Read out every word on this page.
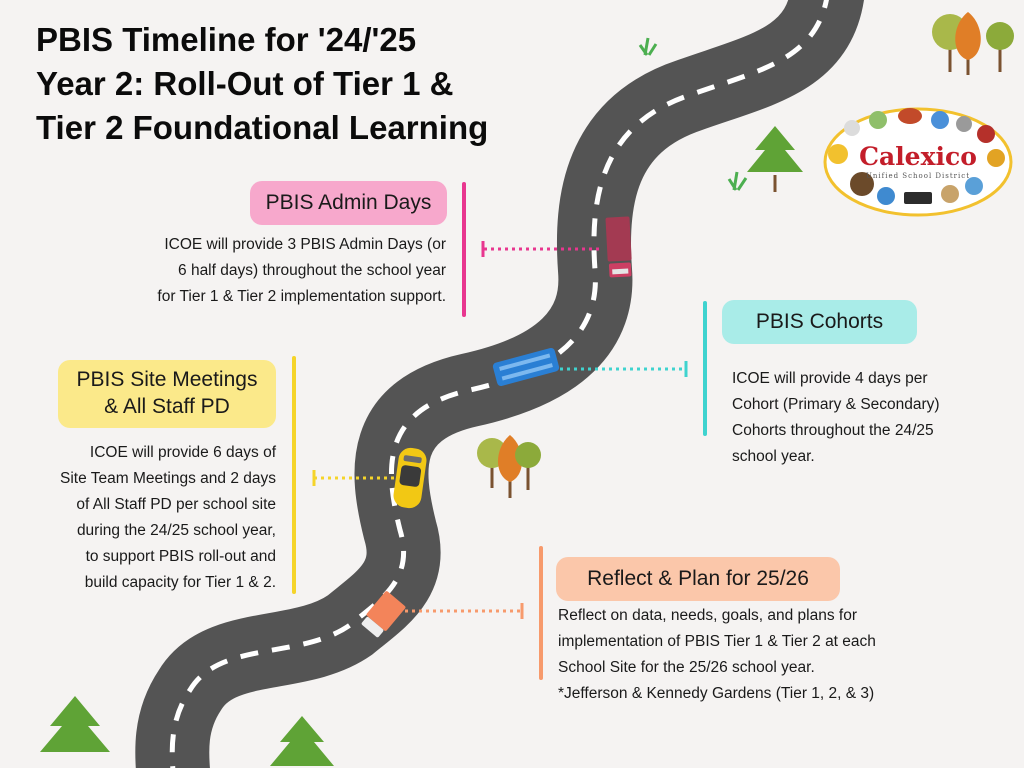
PBIS Timeline for '24/'25
Year 2: Roll-Out of Tier 1 &
Tier 2 Foundational Learning
Calexico
Unified School District
PBIS Admin Days
ICOE will provide 3 PBIS Admin Days (or
6 half days) throughout the school year
for Tier 1 & Tier 2 implementation support.
PBIS Cohorts
ICOE will provide 4 days per
Cohort (Primary & Secondary)
Cohorts throughout the 24/25
school year.
PBIS Site Meetings
& All Staff PD
ICOE will provide 6 days of
Site Team Meetings and 2 days
of All Staff PD per school site
during the 24/25 school year,
to support PBIS roll-out and
build capacity for Tier 1 & 2.	Reflect & Plan for 25/26
Reflect on data, needs, goals, and plans for
implementation of PBIS Tier 1 & Tier 2 at each
School Site for the 25/26 school year.
*Jefferson & Kennedy Gardens (Tier 1, 2, & 3)
